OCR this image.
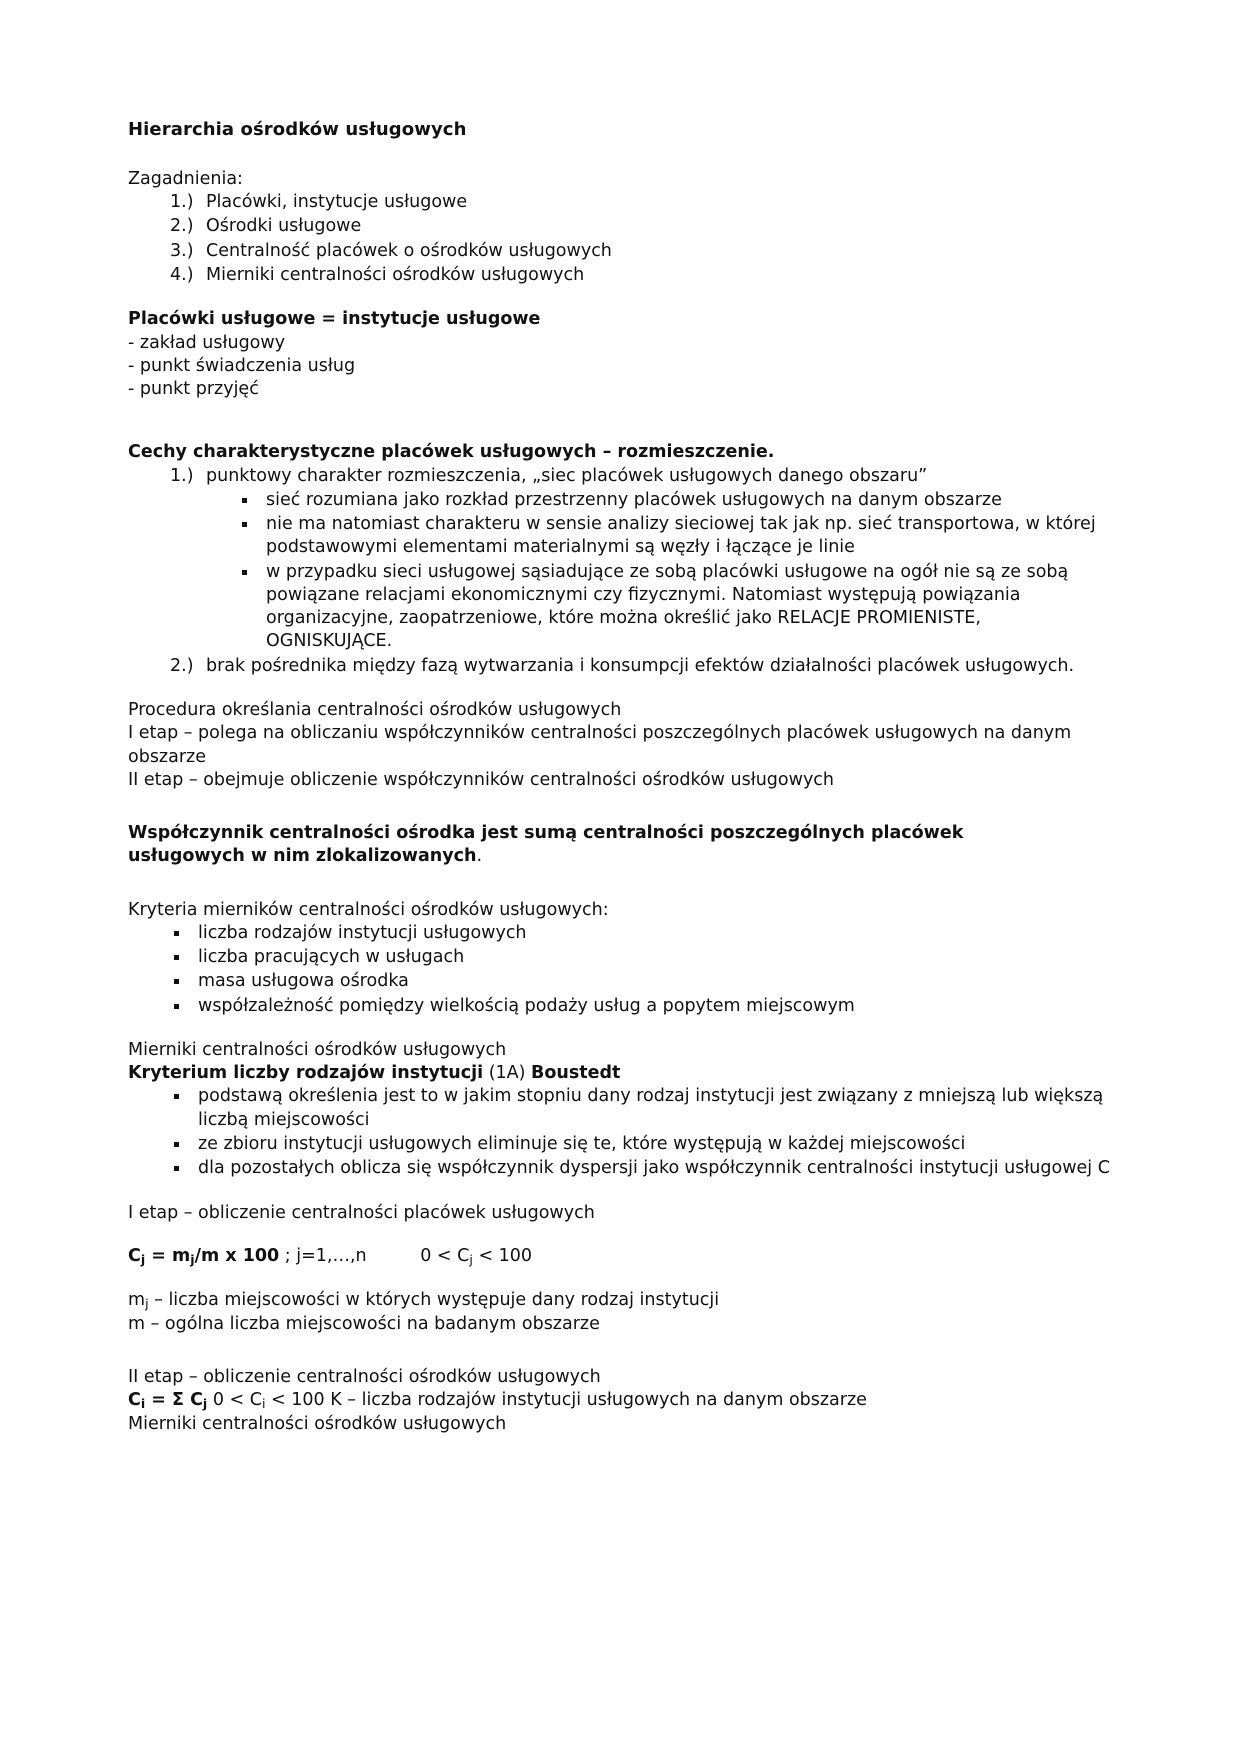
Hierarchia ośrodków usługowych
Zagadnienia:
1.) Placówki, instytucje usługowe
2.) Ośrodki usługowe
3.) Centralność placówek o ośrodków usługowych
4.) Mierniki centralności ośrodków usługowych
Placówki usługowe = instytucje usługowe
- zakład usługowy
- punkt świadczenia usług
- punkt przyjęć
Cechy charakterystyczne placówek usługowych – rozmieszczenie.
1.) punktowy charakter rozmieszczenia, „siec placówek usługowych danego obszaru”
sieć rozumiana jako rozkład przestrzenny placówek usługowych na danym obszarze
nie ma natomiast charakteru w sensie analizy sieciowej tak jak np. sieć transportowa, w której podstawowymi elementami materialnymi są węzły i łączące je linie
w przypadku sieci usługowej sąsiadujące ze sobą placówki usługowe na ogół nie są ze sobą powiązane relacjami ekonomicznymi czy fizycznymi. Natomiast występują powiązania organizacyjne, zaopatrzeniowe, które można określić jako RELACJE PROMIENISTE, OGNISKUJĄCE.
2.) brak pośrednika między fazą wytwarzania i konsumpcji efektów działalności placówek usługowych.
Procedura określania centralności ośrodków usługowych
I etap – polega na obliczaniu współczynników centralności poszczególnych placówek usługowych na danym obszarze
II etap – obejmuje obliczenie współczynników centralności ośrodków usługowych
Współczynnik centralności ośrodka jest sumą centralności poszczególnych placówek
usługowych w nim zlokalizowanych.
Kryteria mierników centralności ośrodków usługowych:
liczba rodzajów instytucji usługowych
liczba pracujących w usługach
masa usługowa ośrodka
współzależność pomiędzy wielkością podaży usług a popytem miejscowym
Mierniki centralności ośrodków usługowych
Kryterium liczby rodzajów instytucji (1A) Boustedt
podstawą określenia jest to w jakim stopniu dany rodzaj instytucji jest związany z mniejszą lub większą liczbą miejscowości
ze zbioru instytucji usługowych eliminuje się te, które występują w każdej miejscowości
dla pozostałych oblicza się współczynnik dyspersji jako współczynnik centralności instytucji usługowej C
I etap – obliczenie centralności placówek usługowych
$C_j = m_j/m$ x 100 ; j=1,…,n	$0 < C_j < 100$
$m_j$ – liczba miejscowości w których występuje dany rodzaj instytucji
m – ogólna liczba miejscowości na badanym obszarze
II etap – obliczenie centralności ośrodków usługowych
$C_i = \Sigma$ $C_j$ $0 < C_i < 100$ K – liczba rodzajów instytucji usługowych na danym obszarze
Mierniki centralności ośrodków usługowych
